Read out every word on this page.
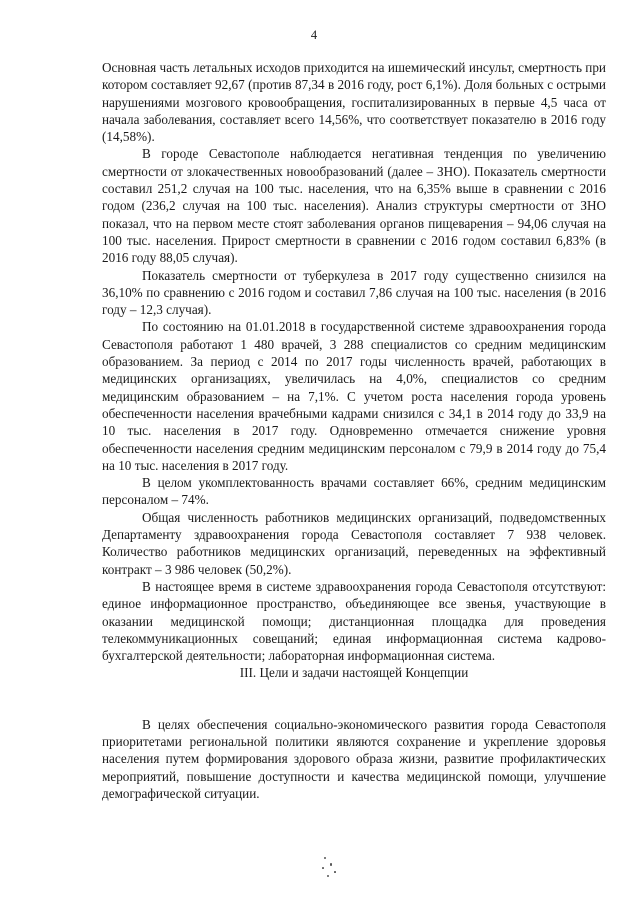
4

Основная часть летальных исходов приходится на ишемический инсульт, смертность при котором составляет 92,67 (против 87,34 в 2016 году, рост 6,1%). Доля больных с острыми нарушениями мозгового кровообращения, госпитализированных в первые 4,5 часа от начала заболевания, составляет всего 14,56%, что соответствует показателю в 2016 году (14,58%).

В городе Севастополе наблюдается негативная тенденция по увеличению смертности от злокачественных новообразований (далее – ЗНО). Показатель смертности составил 251,2 случая на 100 тыс. населения, что на 6,35% выше в сравнении с 2016 годом (236,2 случая на 100 тыс. населения). Анализ структуры смертности от ЗНО показал, что на первом месте стоят заболевания органов пищеварения – 94,06 случая на 100 тыс. населения. Прирост смертности в сравнении с 2016 годом составил 6,83% (в 2016 году 88,05 случая).

Показатель смертности от туберкулеза в 2017 году существенно снизился на 36,10% по сравнению с 2016 годом и составил 7,86 случая на 100 тыс. населения (в 2016 году – 12,3 случая).

По состоянию на 01.01.2018 в государственной системе здравоохранения города Севастополя работают 1 480 врачей, 3 288 специалистов со средним медицинским образованием. За период с 2014 по 2017 годы численность врачей, работающих в медицинских организациях, увеличилась на 4,0%, специалистов со средним медицинским образованием – на 7,1%. С учетом роста населения города уровень обеспеченности населения врачебными кадрами снизился с 34,1 в 2014 году до 33,9 на 10 тыс. населения в 2017 году. Одновременно отмечается снижение уровня обеспеченности населения средним медицинским персоналом с 79,9 в 2014 году до 75,4 на 10 тыс. населения в 2017 году.

В целом укомплектованность врачами составляет 66%, средним медицинским персоналом – 74%.

Общая численность работников медицинских организаций, подведомственных Департаменту здравоохранения города Севастополя составляет 7 938 человек. Количество работников медицинских организаций, переведенных на эффективный контракт – 3 986 человек (50,2%).

В настоящее время в системе здравоохранения города Севастополя отсутствуют: единое информационное пространство, объединяющее все звенья, участвующие в оказании медицинской помощи; дистанционная площадка для проведения телекоммуникационных совещаний; единая информационная система кадрово-бухгалтерской деятельности; лабораторная информационная система.

III. Цели и задачи настоящей Концепции

В целях обеспечения социально-экономического развития города Севастополя приоритетами региональной политики являются сохранение и укрепление здоровья населения путем формирования здорового образа жизни, развитие профилактических мероприятий, повышение доступности и качества медицинской помощи, улучшение демографической ситуации.
